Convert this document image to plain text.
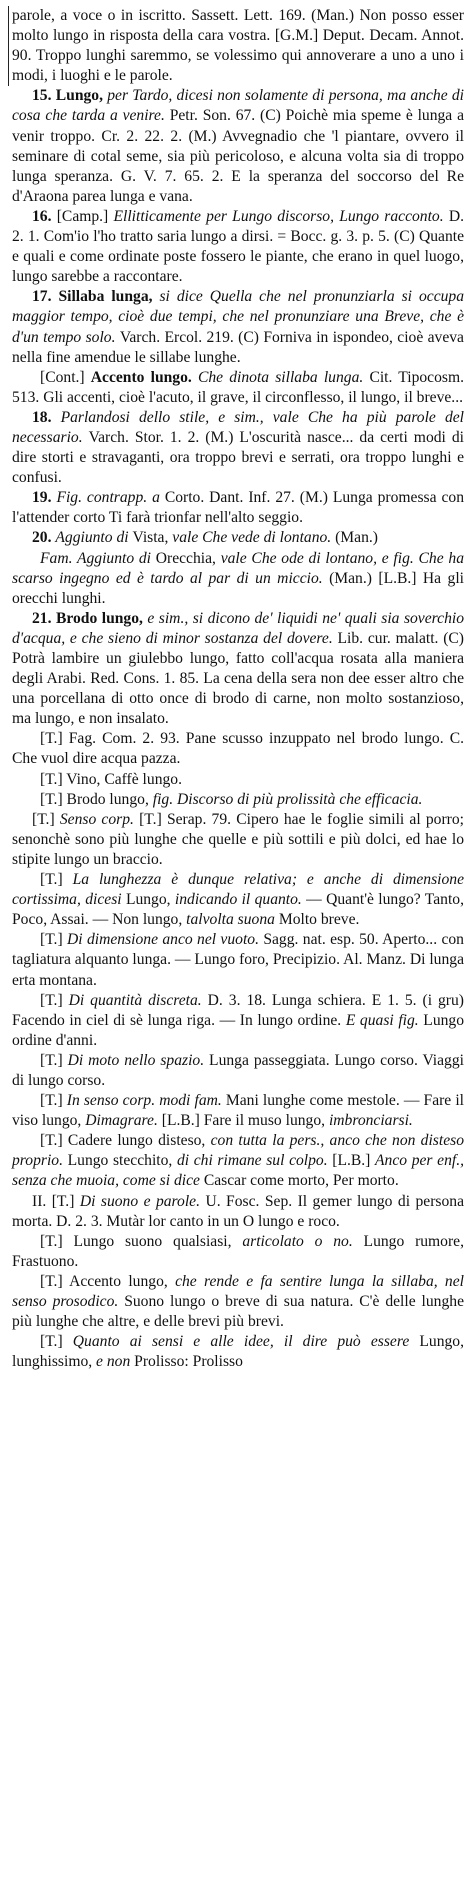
parole, a voce o in iscritto. Sassett. Lett. 169. (Man.) Non posso esser molto lungo in risposta della cara vostra. [G.M.] Deput. Decam. Annot. 90. Troppo lunghi saremmo, se volessimo qui annoverare a uno a uno i modi, i luoghi e le parole.

15. Lungo, per Tardo, dicesi non solamente di persona, ma anche di cosa che tarda a venire. Petr. Son. 67. (C) Poichè mia speme è lunga a venir troppo. Cr. 2. 22. 2. (M.) Avvegnadio che 'l piantare, ovvero il seminare di cotal seme, sia più pericoloso, e alcuna volta sia di troppo lunga speranza. G. V. 7. 65. 2. E la speranza del soccorso del Re d'Araona parea lunga e vana.

16. [Camp.] Ellitticamente per Lungo discorso, Lungo racconto. D. 2. 1. Com'io l'ho tratto saria lungo a dirsi. = Bocc. g. 3. p. 5. (C) Quante e quali e come ordinate poste fossero le piante, che erano in quel luogo, lungo sarebbe a raccontare.

17. Sillaba lunga, si dice Quella che nel pronunziarla si occupa maggior tempo, cioè due tempi, che nel pronunziare una Breve, che è d'un tempo solo. Varch. Ercol. 219. (C) Forniva in ispondeo, cioè aveva nella fine amendue le sillabe lunghe.

[Cont.] Accento lungo. Che dinota sillaba lunga. Cit. Tipocosm. 513. Gli accenti, cioè l'acuto, il grave, il circonflesso, il lungo, il breve...

18. Parlandosi dello stile, e sim., vale Che ha più parole del necessario. Varch. Stor. 1. 2. (M.) L'oscurità nasce... da certi modi di dire storti e stravaganti, ora troppo brevi e serrati, ora troppo lunghi e confusi.

19. Fig. contrapp. a Corto. Dant. Inf. 27. (M.) Lunga promessa con l'attender corto Ti farà trionfar nell'alto seggio.

20. Aggiunto di Vista, vale Che vede di lontano. (Man.)

Fam. Aggiunto di Orecchia, vale Che ode di lontano, e fig. Che ha scarso ingegno ed è tardo al par di un miccio. (Man.) [L.B.] Ha gli orecchi lunghi.

21. Brodo lungo, e sim., si dicono de' liquidi ne' quali sia soverchio d'acqua, e che sieno di minor sostanza del dovere. Lib. cur. malatt. (C) Potrà lambire un giulebbo lungo, fatto coll'acqua rosata alla maniera degli Arabi. Red. Cons. 1. 85. La cena della sera non dee esser altro che una porcellana di otto once di brodo di carne, non molto sostanzioso, ma lungo, e non insalato.

[T.] Fag. Com. 2. 93. Pane scusso inzuppato nel brodo lungo. C. Che vuol dire acqua pazza.

[T.] Vino, Caffè lungo.

[T.] Brodo lungo, fig. Discorso di più prolissità che efficacia.

[T.] Senso corp. [T.] Serap. 79. Cipero hae le foglie simili al porro; senonchè sono più lunghe che quelle e più sottili e più dolci, ed hae lo stipite lungo un braccio.

[T.] La lunghezza è dunque relativa; e anche di dimensione cortissima, dicesi Lungo, indicando il quanto. — Quant'è lungo? Tanto, Poco, Assai. — Non lungo, talvolta suona Molto breve.

[T.] Di dimensione anco nel vuoto. Sagg. nat. esp. 50. Aperto... con tagliatura alquanto lunga. — Lungo foro, Precipizio. Al. Manz. Di lunga erta montana.

[T.] Di quantità discreta. D. 3. 18. Lunga schiera. E 1. 5. (i gru) Facendo in ciel di sè lunga riga. — In lungo ordine. E quasi fig. Lungo ordine d'anni.

[T.] Di moto nello spazio. Lunga passeggiata. Lungo corso. Viaggi di lungo corso.

[T.] In senso corp. modi fam. Mani lunghe come mestole. — Fare il viso lungo, Dimagrare. [L.B.] Fare il muso lungo, imbronciarsi.

[T.] Cadere lungo disteso, con tutta la pers., anco che non disteso proprio. Lungo stecchito, di chi rimane sul colpo. [L.B.] Anco per enf., senza che muoia, come si dice Cascar come morto, Per morto.

II. [T.] Di suono e parole. U. Fosc. Sep. Il gemer lungo di persona morta. D. 2. 3. Mutàr lor canto in un O lungo e roco.

[T.] Lungo suono qualsiasi, articolato o no. Lungo rumore, Frastuono.

[T.] Accento lungo, che rende e fa sentire lunga la sillaba, nel senso prosodico. Suono lungo o breve di sua natura. C'è delle lunghe più lunghe che altre, e delle brevi più brevi.

[T.] Quanto ai sensi e alle idee, il dire può essere Lungo, lunghissimo, e non Prolisso: Prolisso
